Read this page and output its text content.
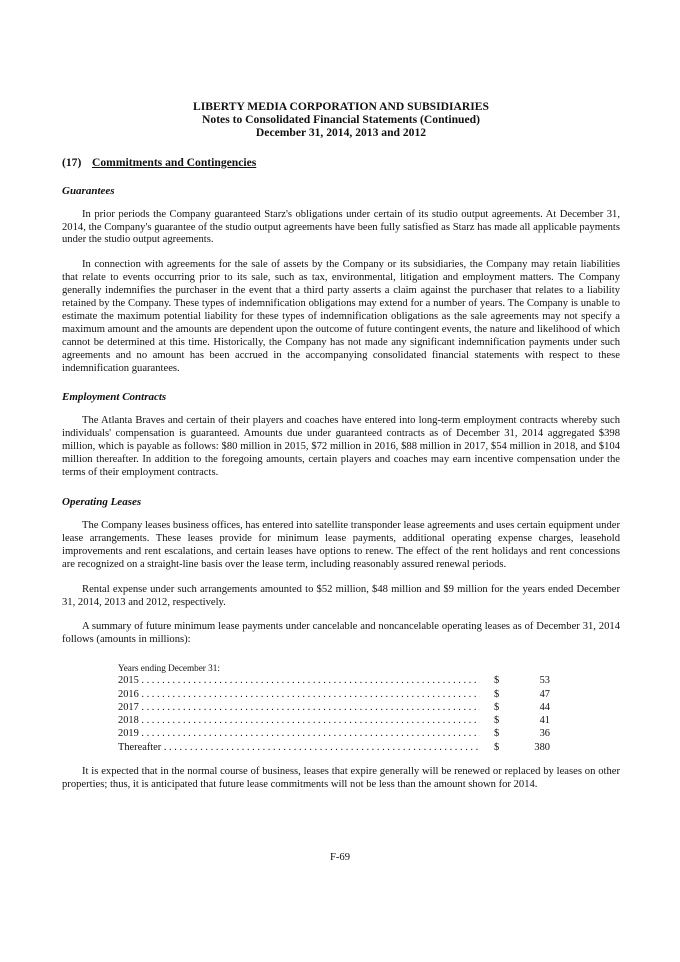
LIBERTY MEDIA CORPORATION AND SUBSIDIARIES
Notes to Consolidated Financial Statements (Continued)
December 31, 2014, 2013 and 2012
(17) Commitments and Contingencies
Guarantees

In prior periods the Company guaranteed Starz's obligations under certain of its studio output agreements. At December 31, 2014, the Company's guarantee of the studio output agreements have been fully satisfied as Starz has made all applicable payments under the studio output agreements.

In connection with agreements for the sale of assets by the Company or its subsidiaries, the Company may retain liabilities that relate to events occurring prior to its sale, such as tax, environmental, litigation and employment matters. The Company generally indemnifies the purchaser in the event that a third party asserts a claim against the purchaser that relates to a liability retained by the Company. These types of indemnification obligations may extend for a number of years. The Company is unable to estimate the maximum potential liability for these types of indemnification obligations as the sale agreements may not specify a maximum amount and the amounts are dependent upon the outcome of future contingent events, the nature and likelihood of which cannot be determined at this time. Historically, the Company has not made any significant indemnification payments under such agreements and no amount has been accrued in the accompanying consolidated financial statements with respect to these indemnification guarantees.

Employment Contracts

The Atlanta Braves and certain of their players and coaches have entered into long-term employment contracts whereby such individuals' compensation is guaranteed. Amounts due under guaranteed contracts as of December 31, 2014 aggregated $398 million, which is payable as follows: $80 million in 2015, $72 million in 2016, $88 million in 2017, $54 million in 2018, and $104 million thereafter. In addition to the foregoing amounts, certain players and coaches may earn incentive compensation under the terms of their employment contracts.

Operating Leases

The Company leases business offices, has entered into satellite transponder lease agreements and uses certain equipment under lease arrangements. These leases provide for minimum lease payments, additional operating expense charges, leasehold improvements and rent escalations, and certain leases have options to renew. The effect of the rent holidays and rent concessions are recognized on a straight-line basis over the lease term, including reasonably assured renewal periods.

Rental expense under such arrangements amounted to $52 million, $48 million and $9 million for the years ended December 31, 2014, 2013 and 2012, respectively.

A summary of future minimum lease payments under cancelable and noncancelable operating leases as of December 31, 2014 follows (amounts in millions):

Years ending December 31:
2015 . . .	$	53
2016 . . .	$	47
2017 . . .	$	44
2018 . . .	$	41
2019 . . .	$	36
Thereafter . . .	$	380

It is expected that in the normal course of business, leases that expire generally will be renewed or replaced by leases on other properties; thus, it is anticipated that future lease commitments will not be less than the amount shown for 2014.

F-69
